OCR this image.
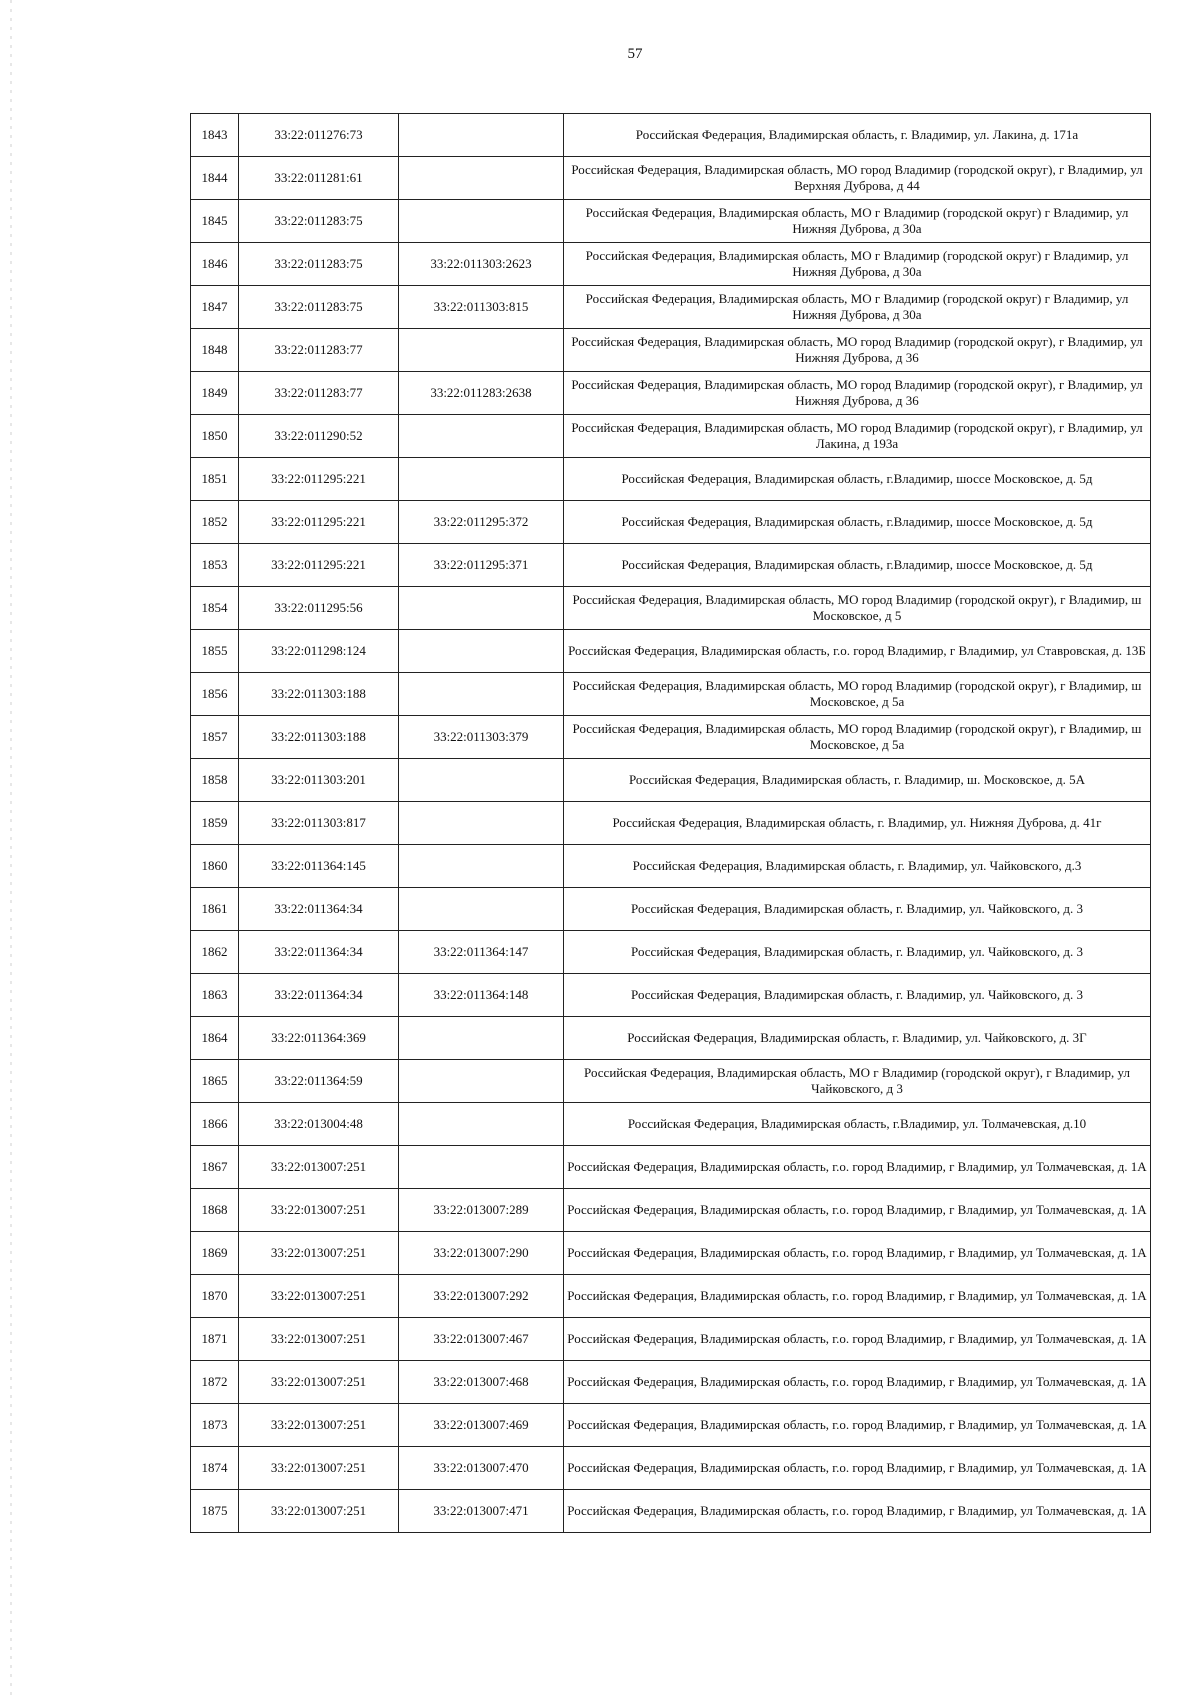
57
1843	33:22:011276:73		Российская Федерация, Владимирская область, г. Владимир, ул. Лакина, д. 171а
1844	33:22:011281:61		Российская Федерация, Владимирская область, МО город Владимир (городской округ), г Владимир, ул Верхняя Дуброва, д 44
1845	33:22:011283:75		Российская Федерация, Владимирская область, МО г Владимир (городской округ) г Владимир, ул Нижняя Дуброва, д 30а
1846	33:22:011283:75	33:22:011303:2623	Российская Федерация, Владимирская область, МО г Владимир (городской округ) г Владимир, ул Нижняя Дуброва, д 30а
1847	33:22:011283:75	33:22:011303:815	Российская Федерация, Владимирская область, МО г Владимир (городской округ) г Владимир, ул Нижняя Дуброва, д 30а
1848	33:22:011283:77		Российская Федерация, Владимирская область, МО город Владимир (городской округ), г Владимир, ул Нижняя Дуброва, д 36
1849	33:22:011283:77	33:22:011283:2638	Российская Федерация, Владимирская область, МО город Владимир (городской округ), г Владимир, ул Нижняя Дуброва, д 36
1850	33:22:011290:52		Российская Федерация, Владимирская область, МО город Владимир (городской округ), г Владимир, ул Лакина, д 193а
1851	33:22:011295:221		Российская Федерация, Владимирская область, г.Владимир, шоссе Московское, д. 5д
1852	33:22:011295:221	33:22:011295:372	Российская Федерация, Владимирская область, г.Владимир, шоссе Московское, д. 5д
1853	33:22:011295:221	33:22:011295:371	Российская Федерация, Владимирская область, г.Владимир, шоссе Московское, д. 5д
1854	33:22:011295:56		Российская Федерация, Владимирская область, МО город Владимир (городской округ), г Владимир, ш Московское, д 5
1855	33:22:011298:124		Российская Федерация, Владимирская область, г.о. город Владимир, г Владимир, ул Ставровская, д. 13Б
1856	33:22:011303:188		Российская Федерация, Владимирская область, МО город Владимир (городской округ), г Владимир, ш Московское, д 5а
1857	33:22:011303:188	33:22:011303:379	Российская Федерация, Владимирская область, МО город Владимир (городской округ), г Владимир, ш Московское, д 5а
1858	33:22:011303:201		Российская Федерация, Владимирская область, г. Владимир, ш. Московское, д. 5А
1859	33:22:011303:817		Российская Федерация, Владимирская область, г. Владимир, ул. Нижняя Дуброва, д. 41г
1860	33:22:011364:145		Российская Федерация, Владимирская область, г. Владимир, ул. Чайковского, д.3
1861	33:22:011364:34		Российская Федерация, Владимирская область, г. Владимир, ул. Чайковского, д. 3
1862	33:22:011364:34	33:22:011364:147	Российская Федерация, Владимирская область, г. Владимир, ул. Чайковского, д. 3
1863	33:22:011364:34	33:22:011364:148	Российская Федерация, Владимирская область, г. Владимир, ул. Чайковского, д. 3
1864	33:22:011364:369		Российская Федерация, Владимирская область, г. Владимир, ул. Чайковского, д. 3Г
1865	33:22:011364:59		Российская Федерация, Владимирская область, МО г Владимир (городской округ), г Владимир, ул Чайковского, д 3
1866	33:22:013004:48		Российская Федерация, Владимирская область, г.Владимир, ул. Толмачевская, д.10
1867	33:22:013007:251		Российская Федерация, Владимирская область, г.о. город Владимир, г Владимир, ул Толмачевская, д. 1А
1868	33:22:013007:251	33:22:013007:289	Российская Федерация, Владимирская область, г.о. город Владимир, г Владимир, ул Толмачевская, д. 1А
1869	33:22:013007:251	33:22:013007:290	Российская Федерация, Владимирская область, г.о. город Владимир, г Владимир, ул Толмачевская, д. 1А
1870	33:22:013007:251	33:22:013007:292	Российская Федерация, Владимирская область, г.о. город Владимир, г Владимир, ул Толмачевская, д. 1А
1871	33:22:013007:251	33:22:013007:467	Российская Федерация, Владимирская область, г.о. город Владимир, г Владимир, ул Толмачевская, д. 1А
1872	33:22:013007:251	33:22:013007:468	Российская Федерация, Владимирская область, г.о. город Владимир, г Владимир, ул Толмачевская, д. 1А
1873	33:22:013007:251	33:22:013007:469	Российская Федерация, Владимирская область, г.о. город Владимир, г Владимир, ул Толмачевская, д. 1А
1874	33:22:013007:251	33:22:013007:470	Российская Федерация, Владимирская область, г.о. город Владимир, г Владимир, ул Толмачевская, д. 1А
1875	33:22:013007:251	33:22:013007:471	Российская Федерация, Владимирская область, г.о. город Владимир, г Владимир, ул Толмачевская, д. 1А
